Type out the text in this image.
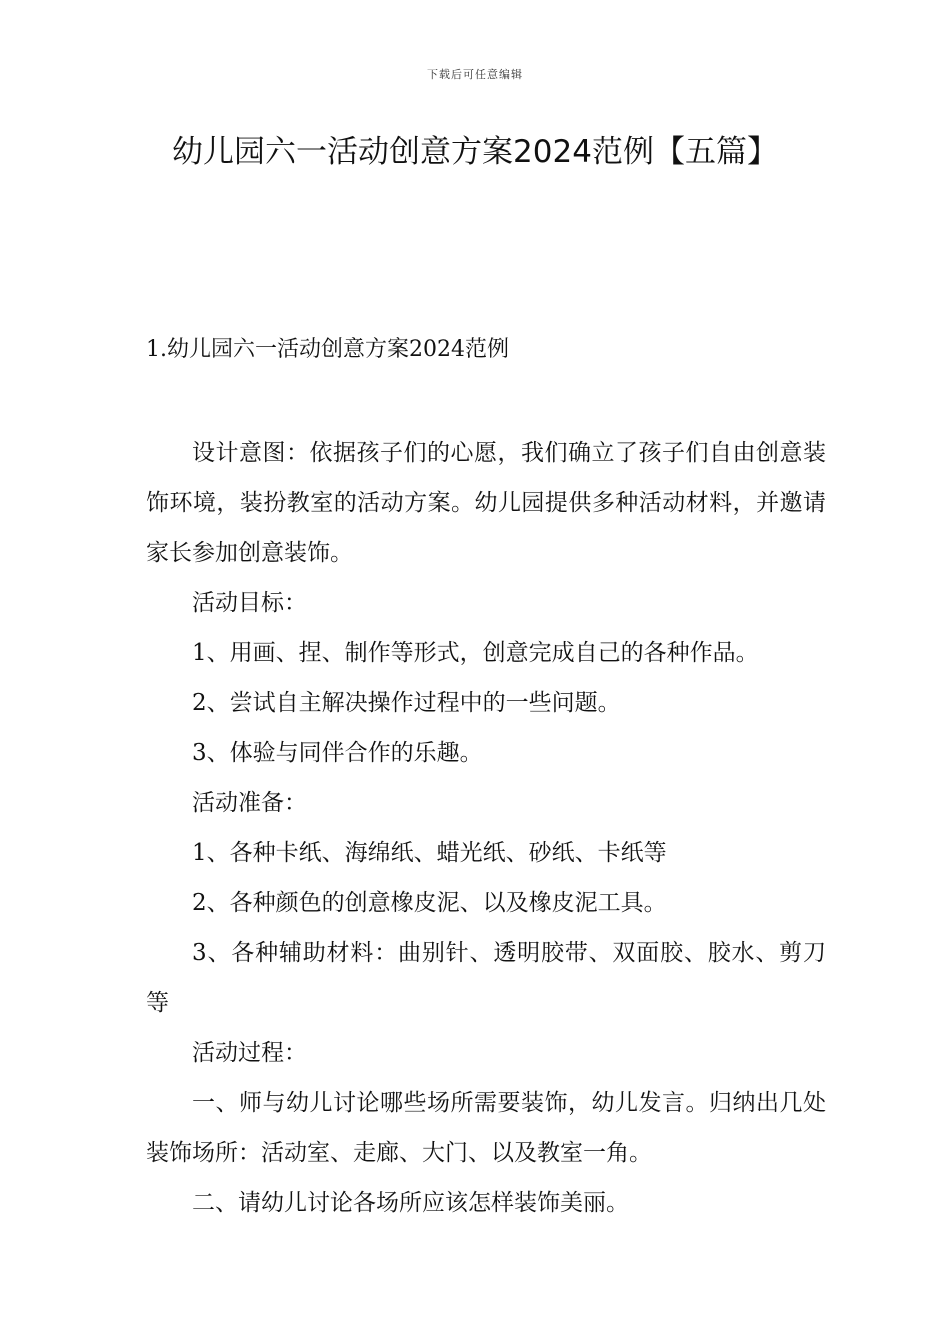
下载后可任意编辑
幼儿园六一活动创意方案2024范例【五篇】
1.幼儿园六一活动创意方案2024范例

设计意图：依据孩子们的心愿，我们确立了孩子们自由创意装饰环境，装扮教室的活动方案。幼儿园提供多种活动材料，并邀请家长参加创意装饰。

活动目标：

1、用画、捏、制作等形式，创意完成自己的各种作品。

2、尝试自主解决操作过程中的一些问题。

3、体验与同伴合作的乐趣。

活动准备：

1、各种卡纸、海绵纸、蜡光纸、砂纸、卡纸等

2、各种颜色的创意橡皮泥、以及橡皮泥工具。

3、各种辅助材料：曲别针、透明胶带、双面胶、胶水、剪刀等

活动过程：

一、师与幼儿讨论哪些场所需要装饰，幼儿发言。归纳出几处装饰场所：活动室、走廊、大门、以及教室一角。

二、请幼儿讨论各场所应该怎样装饰美丽。
